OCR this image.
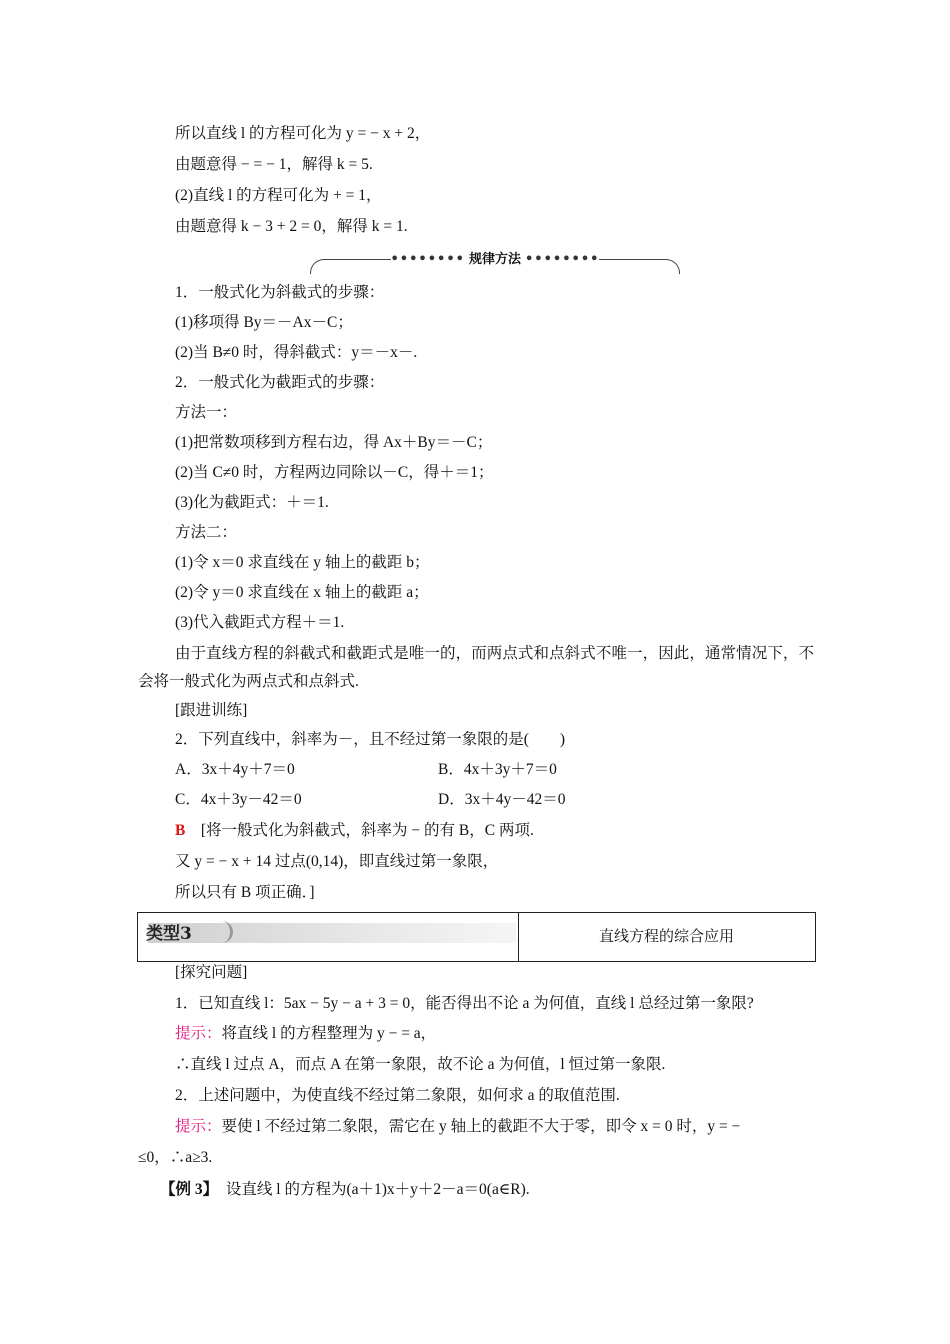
所以直线 l 的方程可化为 y = − x + 2，
由题意得 − = − 1，解得 k = 5.
(2)直线 l 的方程可化为 + = 1，
由题意得 k − 3 + 2 = 0，解得 k = 1.
•••••••• 规律方法 ••••••••
1．一般式化为斜截式的步骤：
(1)移项得 By＝－Ax－C；
(2)当 B≠0 时，得斜截式：y＝－x－.
2．一般式化为截距式的步骤：
方法一：
(1)把常数项移到方程右边，得 Ax＋By＝－C；
(2)当 C≠0 时，方程两边同除以－C，得＋＝1；
(3)化为截距式：＋＝1.
方法二：
(1)令 x＝0 求直线在 y 轴上的截距 b；
(2)令 y＝0 求直线在 x 轴上的截距 a；
(3)代入截距式方程＋＝1.
由于直线方程的斜截式和截距式是唯一的，而两点式和点斜式不唯一，因此，通常情况下，不会将一般式化为两点式和点斜式.
[跟进训练]
2．下列直线中，斜率为－，且不经过第一象限的是(　　)
A．3x＋4y＋7＝0	B．4x＋3y＋7＝0
C．4x＋3y－42＝0	D．3x＋4y－42＝0
B　 [将一般式化为斜截式，斜率为 − 的有 B，C 两项.
又 y = − x + 14 过点(0,14)，即直线过第一象限，
所以只有 B 项正确．]
类型3	直线方程的综合应用
[探究问题]
1．已知直线 l：5ax − 5y − a + 3 = 0，能否得出不论 a 为何值，直线 l 总经过第一象限?
提示：将直线 l 的方程整理为 y − = a，
∴直线 l 过点 A，而点 A 在第一象限，故不论 a 为何值，l 恒过第一象限.
2．上述问题中，为使直线不经过第二象限，如何求 a 的取值范围.
提示：要使 l 不经过第二象限，需它在 y 轴上的截距不大于零，即令 x = 0 时，y = −
≤0，∴a≥3.
【例 3】　 设直线 l 的方程为(a＋1)x＋y＋2－a＝0(a∈R).
